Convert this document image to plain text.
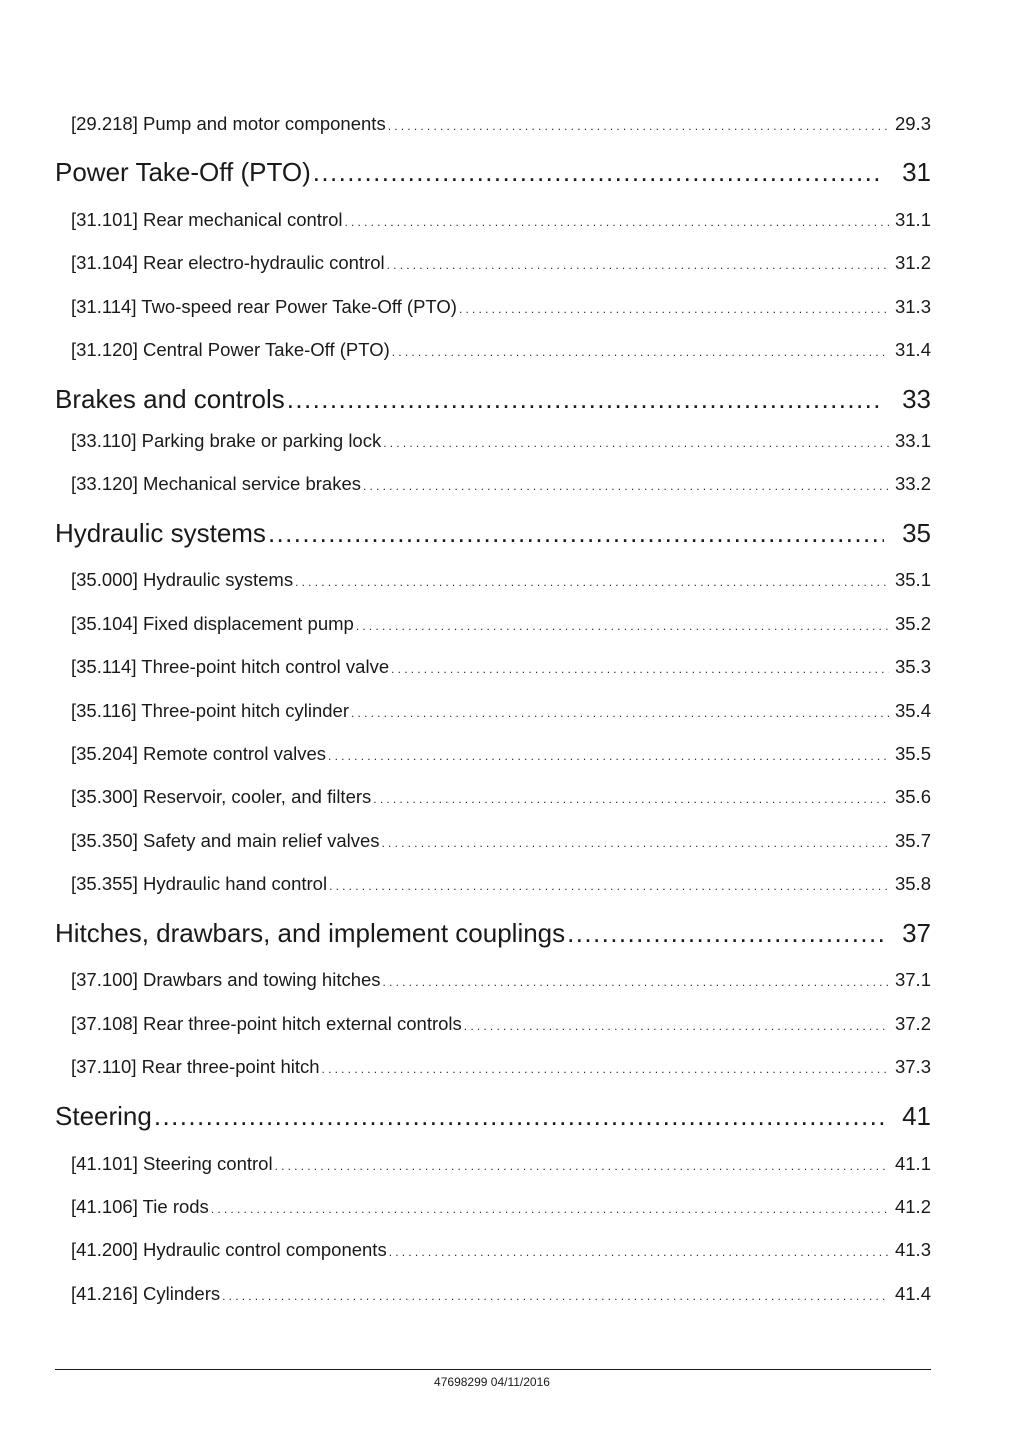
[29.218] Pump and motor components .....	29.3
Power Take-Off (PTO) .....	31
[31.101] Rear mechanical control .....	31.1
[31.104] Rear electro-hydraulic control .....	31.2
[31.114] Two-speed rear Power Take-Off (PTO) .....	31.3
[31.120] Central Power Take-Off (PTO) .....	31.4
Brakes and controls .....	33
[33.110] Parking brake or parking lock .....	33.1
[33.120] Mechanical service brakes .....	33.2
Hydraulic systems .....	35
[35.000] Hydraulic systems .....	35.1
[35.104] Fixed displacement pump .....	35.2
[35.114] Three-point hitch control valve .....	35.3
[35.116] Three-point hitch cylinder .....	35.4
[35.204] Remote control valves .....	35.5
[35.300] Reservoir, cooler, and filters .....	35.6
[35.350] Safety and main relief valves .....	35.7
[35.355] Hydraulic hand control .....	35.8
Hitches, drawbars, and implement couplings .....	37
[37.100] Drawbars and towing hitches .....	37.1
[37.108] Rear three-point hitch external controls .....	37.2
[37.110] Rear three-point hitch .....	37.3
Steering .....	41
[41.101] Steering control .....	41.1
[41.106] Tie rods .....	41.2
[41.200] Hydraulic control components .....	41.3
[41.216] Cylinders .....	41.4
47698299 04/11/2016
